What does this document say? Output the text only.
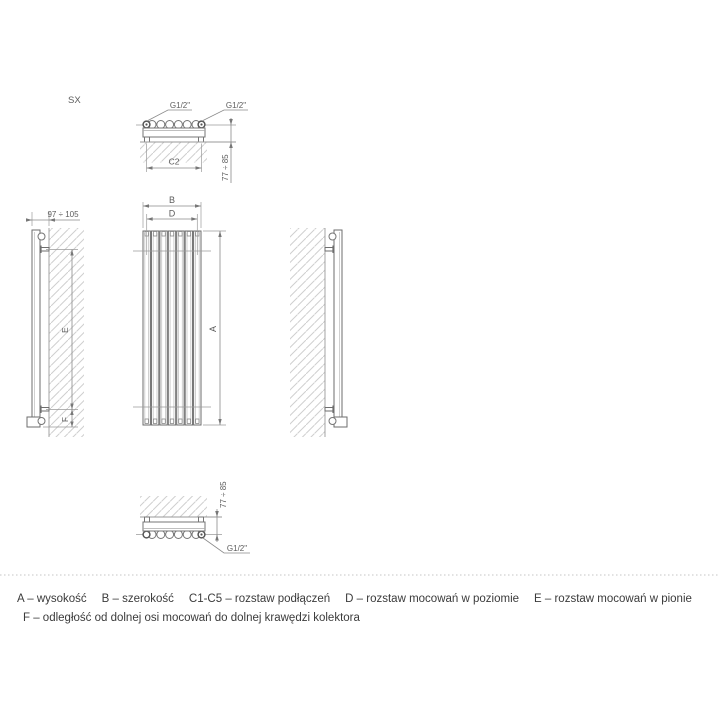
SX	G1/2"	G1/2"
C2	77 ÷ 85
B
D
A
97 ÷ 105
E
F
77 ÷ 85
G1/2"
A – wysokość B – szerokość C1-C5 – rozstaw podłączeń D – rozstaw mocowań w poziomie E – rozstaw mocowań w pionie
F – odległość od dolnej osi mocowań do dolnej krawędzi kolektora
